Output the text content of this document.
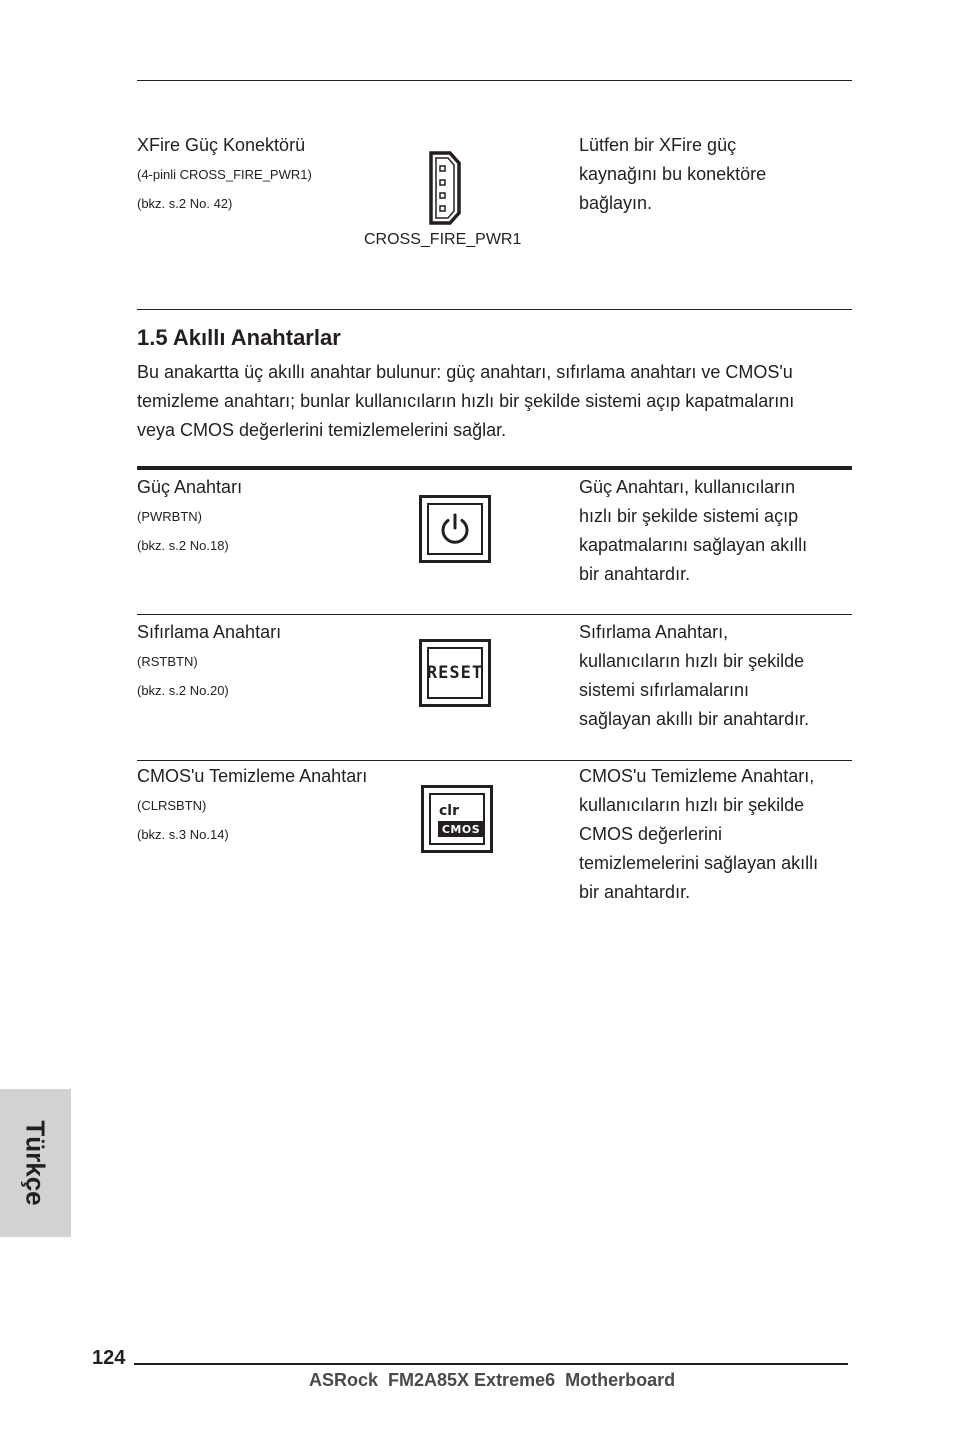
XFire Güç Konektörü
(4-pinli CROSS_FIRE_PWR1)
(bkz. s.2 No. 42)
CROSS_FIRE_PWR1
Lütfen bir XFire güç
kaynağını bu konektöre
bağlayın.
1.5 Akıllı Anahtarlar
Bu anakartta üç akıllı anahtar bulunur: güç anahtarı, sıfırlama anahtarı ve CMOS'u
temizleme anahtarı; bunlar kullanıcıların hızlı bir şekilde sistemi açıp kapatmalarını
veya CMOS değerlerini temizlemelerini sağlar.
Güç Anahtarı
(PWRBTN)
(bkz. s.2 No.18)
Güç Anahtarı, kullanıcıların
hızlı bir şekilde sistemi açıp
kapatmalarını sağlayan akıllı
bir anahtardır.
Sıfırlama Anahtarı
(RSTBTN)
(bkz. s.2 No.20)
RESET
Sıfırlama Anahtarı,
kullanıcıların hızlı bir şekilde
sistemi sıfırlamalarını
sağlayan akıllı bir anahtardır.
CMOS'u Temizleme Anahtarı
(CLRSBTN)
(bkz. s.3 No.14)
clr
CMOS
CMOS'u Temizleme Anahtarı,
kullanıcıların hızlı bir şekilde
CMOS değerlerini
temizlemelerini sağlayan akıllı
bir anahtardır.
Türkçe
124
ASRock  FM2A85X Extreme6  Motherboard
